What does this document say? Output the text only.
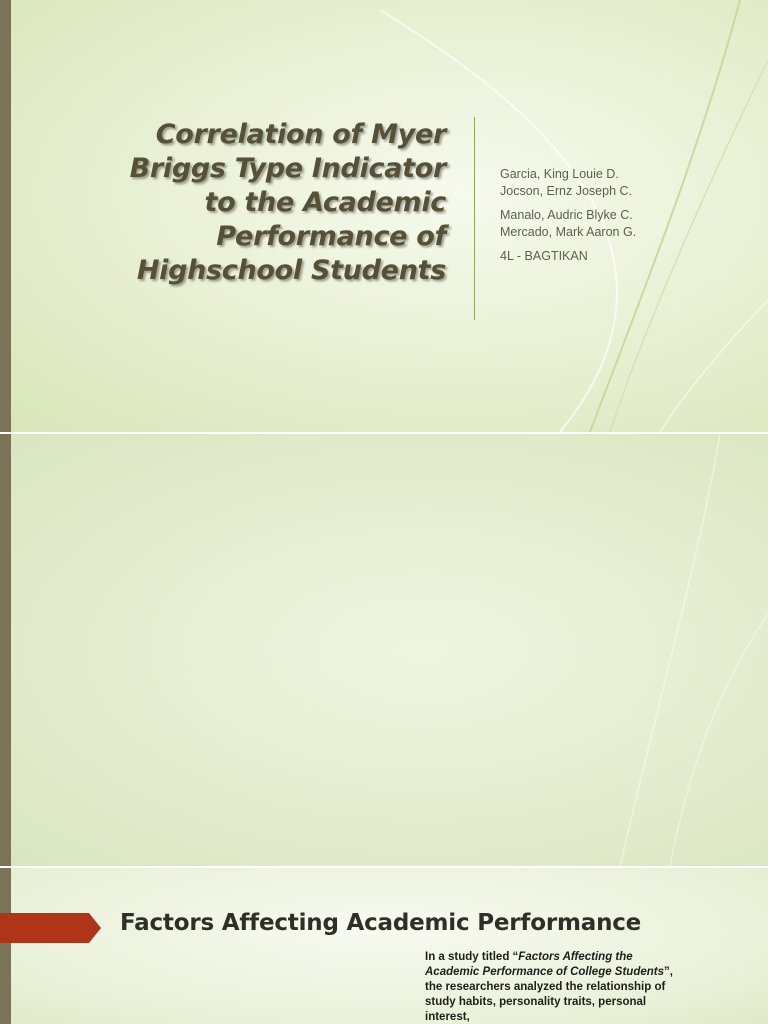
Correlation of Myer Briggs Type Indicator to the Academic Performance of Highschool Students
Garcia, King Louie D.
Jocson, Ernz Joseph C.
Manalo, Audric Blyke C.
Mercado, Mark Aaron G.
4L - BAGTIKAN
Factors Affecting Academic Performance
In a study titled “Factors Affecting the Academic Performance of College Students”, the researchers analyzed the relationship of study habits, personality traits, personal interest,
